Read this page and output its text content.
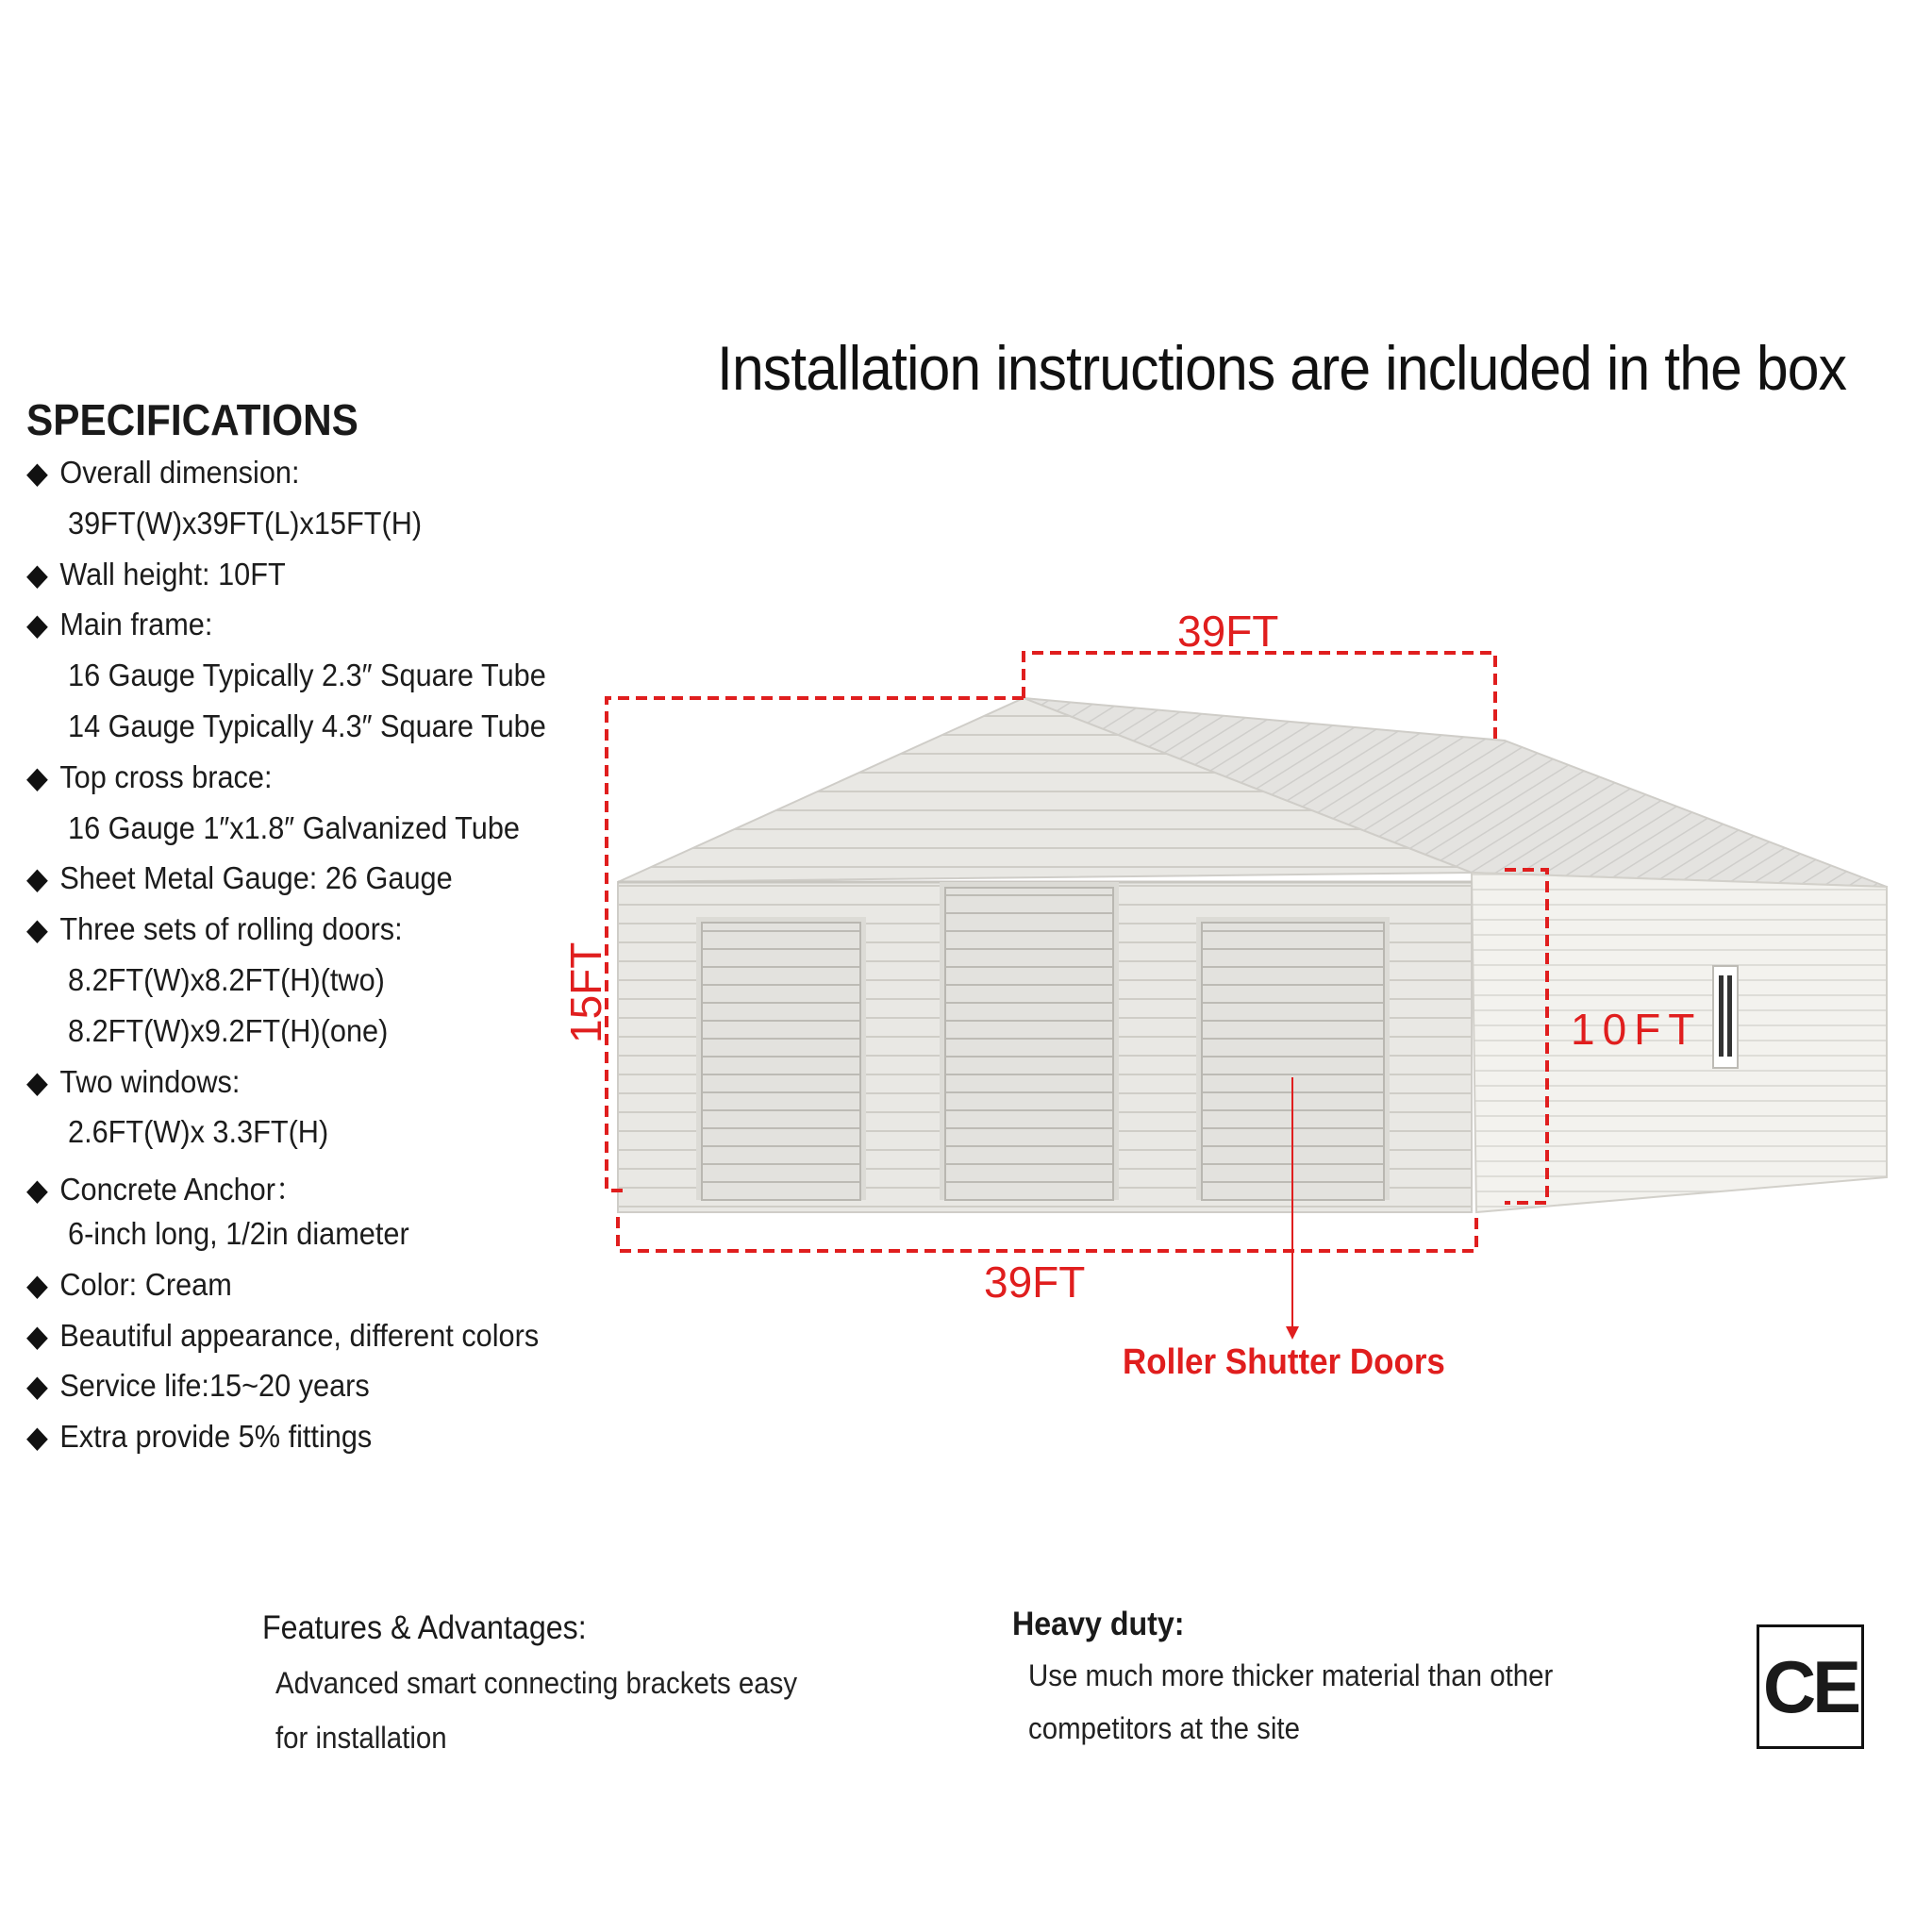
Installation instructions are included in the box
SPECIFICATIONS
◆ Overall dimension:
39FT(W)x39FT(L)x15FT(H)
◆ Wall height: 10FT
◆ Main frame:
16 Gauge Typically 2.3″ Square Tube
14 Gauge Typically 4.3″ Square Tube
◆ Top cross brace:
16 Gauge 1″x1.8″ Galvanized Tube
◆ Sheet Metal Gauge: 26 Gauge
◆ Three sets of rolling doors:
8.2FT(W)x8.2FT(H)(two)
8.2FT(W)x9.2FT(H)(one)
◆ Two windows:
2.6FT(W)x 3.3FT(H)
◆ Concrete Anchor：
6-inch long, 1/2in diameter
◆ Color: Cream
◆ Beautiful appearance, different colors
◆ Service life:15~20 years
◆ Extra provide 5% fittings
39FT
39FT
15FT	10FT
Roller Shutter Doors
Features & Advantages:
Advanced smart connecting brackets easy
for installation
Heavy duty:
Use much more thicker material than other
competitors at the site
CE
